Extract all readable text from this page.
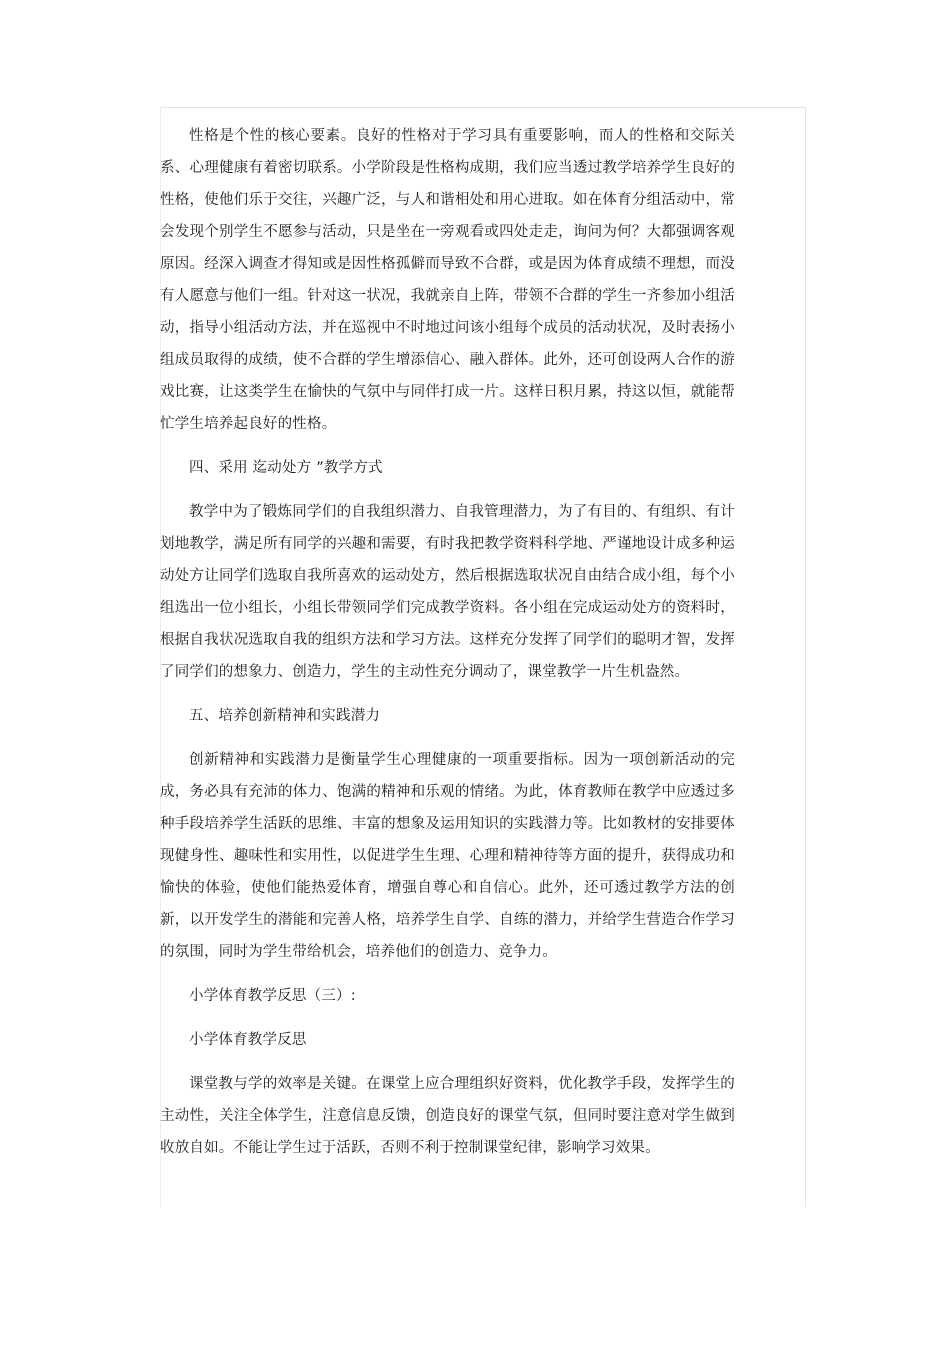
性格是个性的核心要素。良好的性格对于学习具有重要影响，而人的性格和交际关系、心理健康有着密切联系。小学阶段是性格构成期，我们应当透过教学培养学生良好的性格，使他们乐于交往，兴趣广泛，与人和谐相处和用心进取。如在体育分组活动中，常会发现个别学生不愿参与活动，只是坐在一旁观看或四处走走，询问为何？大都强调客观原因。经深入调查才得知或是因性格孤僻而导致不合群，或是因为体育成绩不理想，而没有人愿意与他们一组。针对这一状况，我就亲自上阵，带领不合群的学生一齐参加小组活动，指导小组活动方法，并在巡视中不时地过问该小组每个成员的活动状况，及时表扬小组成员取得的成绩，使不合群的学生增添信心、融入群体。此外，还可创设两人合作的游戏比赛，让这类学生在愉快的气氛中与同伴打成一片。这样日积月累，持这以恒，就能帮忙学生培养起良好的性格。

四、采用 迄动处方 ”教学方式

教学中为了锻炼同学们的自我组织潜力、自我管理潜力，为了有目的、有组织、有计划地教学，满足所有同学的兴趣和需要，有时我把教学资料科学地、严谨地设计成多种运动处方让同学们选取自我所喜欢的运动处方，然后根据选取状况自由结合成小组，每个小组选出一位小组长，小组长带领同学们完成教学资料。各小组在完成运动处方的资料时，根据自我状况选取自我的组织方法和学习方法。这样充分发挥了同学们的聪明才智，发挥了同学们的想象力、创造力，学生的主动性充分调动了，课堂教学一片生机盎然。

五、培养创新精神和实践潜力

创新精神和实践潜力是衡量学生心理健康的一项重要指标。因为一项创新活动的完成，务必具有充沛的体力、饱满的精神和乐观的情绪。为此，体育教师在教学中应透过多种手段培养学生活跃的思维、丰富的想象及运用知识的实践潜力等。比如教材的安排要体现健身性、趣味性和实用性，以促进学生生理、心理和精神待等方面的提升，获得成功和愉快的体验，使他们能热爱体育，增强自尊心和自信心。此外，还可透过教学方法的创新，以开发学生的潜能和完善人格，培养学生自学、自练的潜力，并给学生营造合作学习的氛围，同时为学生带给机会，培养他们的创造力、竞争力。

小学体育教学反思（三）:

小学体育教学反思

课堂教与学的效率是关键。在课堂上应合理组织好资料，优化教学手段，发挥学生的主动性，关注全体学生，注意信息反馈，创造良好的课堂气氛，但同时要注意对学生做到收放自如。不能让学生过于活跃，否则不利于控制课堂纪律，影响学习效果。
